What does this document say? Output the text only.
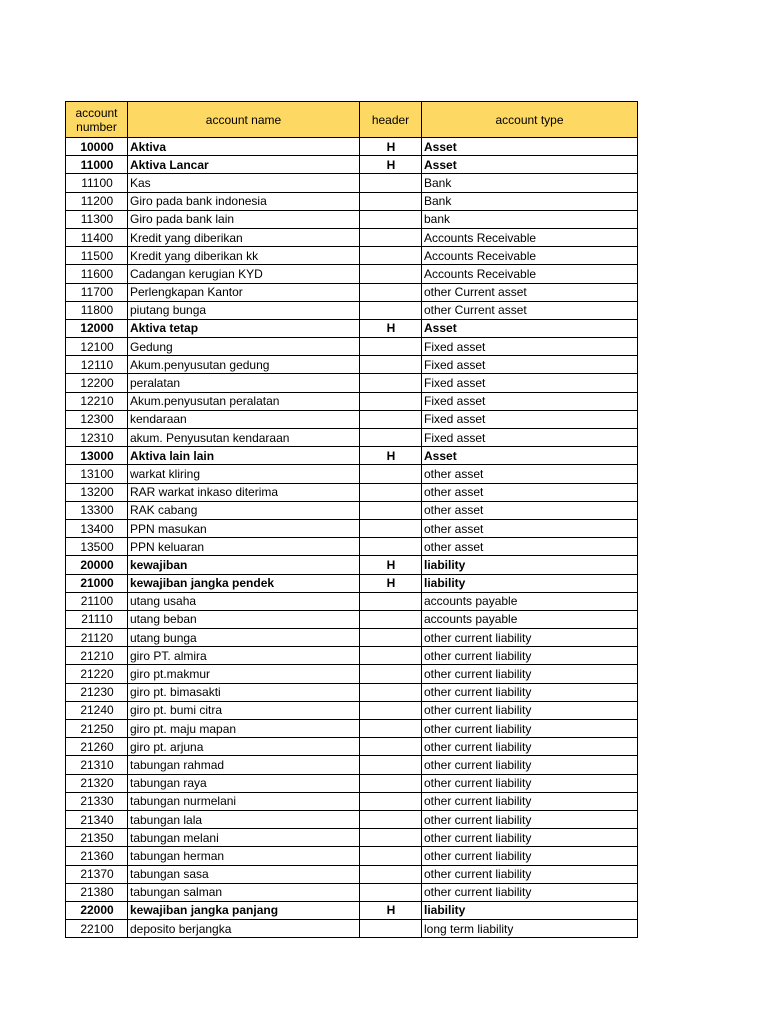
account number	account name	header	account type
10000	Aktiva	H	Asset
11000	Aktiva Lancar	H	Asset
11100	Kas		Bank
11200	Giro pada bank indonesia		Bank
11300	Giro pada bank lain		bank
11400	Kredit yang diberikan		Accounts Receivable
11500	Kredit yang diberikan kk		Accounts Receivable
11600	Cadangan kerugian KYD		Accounts Receivable
11700	Perlengkapan Kantor		other Current asset
11800	piutang bunga		other Current asset
12000	Aktiva tetap	H	Asset
12100	Gedung		Fixed asset
12110	Akum.penyusutan gedung		Fixed asset
12200	peralatan		Fixed asset
12210	Akum.penyusutan peralatan		Fixed asset
12300	kendaraan		Fixed asset
12310	akum. Penyusutan kendaraan		Fixed asset
13000	Aktiva lain lain	H	Asset
13100	warkat kliring		other asset
13200	RAR warkat inkaso diterima		other asset
13300	RAK cabang		other asset
13400	PPN masukan		other asset
13500	PPN keluaran		other asset
20000	kewajiban	H	liability
21000	kewajiban jangka pendek	H	liability
21100	utang usaha		accounts payable
21110	utang beban		accounts payable
21120	utang bunga		other current liability
21210	giro PT. almira		other current liability
21220	giro pt.makmur		other current liability
21230	giro pt. bimasakti		other current liability
21240	giro pt. bumi citra		other current liability
21250	giro pt. maju mapan		other current liability
21260	giro pt. arjuna		other current liability
21310	tabungan rahmad		other current liability
21320	tabungan raya		other current liability
21330	tabungan nurmelani		other current liability
21340	tabungan lala		other current liability
21350	tabungan melani		other current liability
21360	tabungan herman		other current liability
21370	tabungan sasa		other current liability
21380	tabungan salman		other current liability
22000	kewajiban jangka panjang	H	liability
22100	deposito berjangka		long term liability
